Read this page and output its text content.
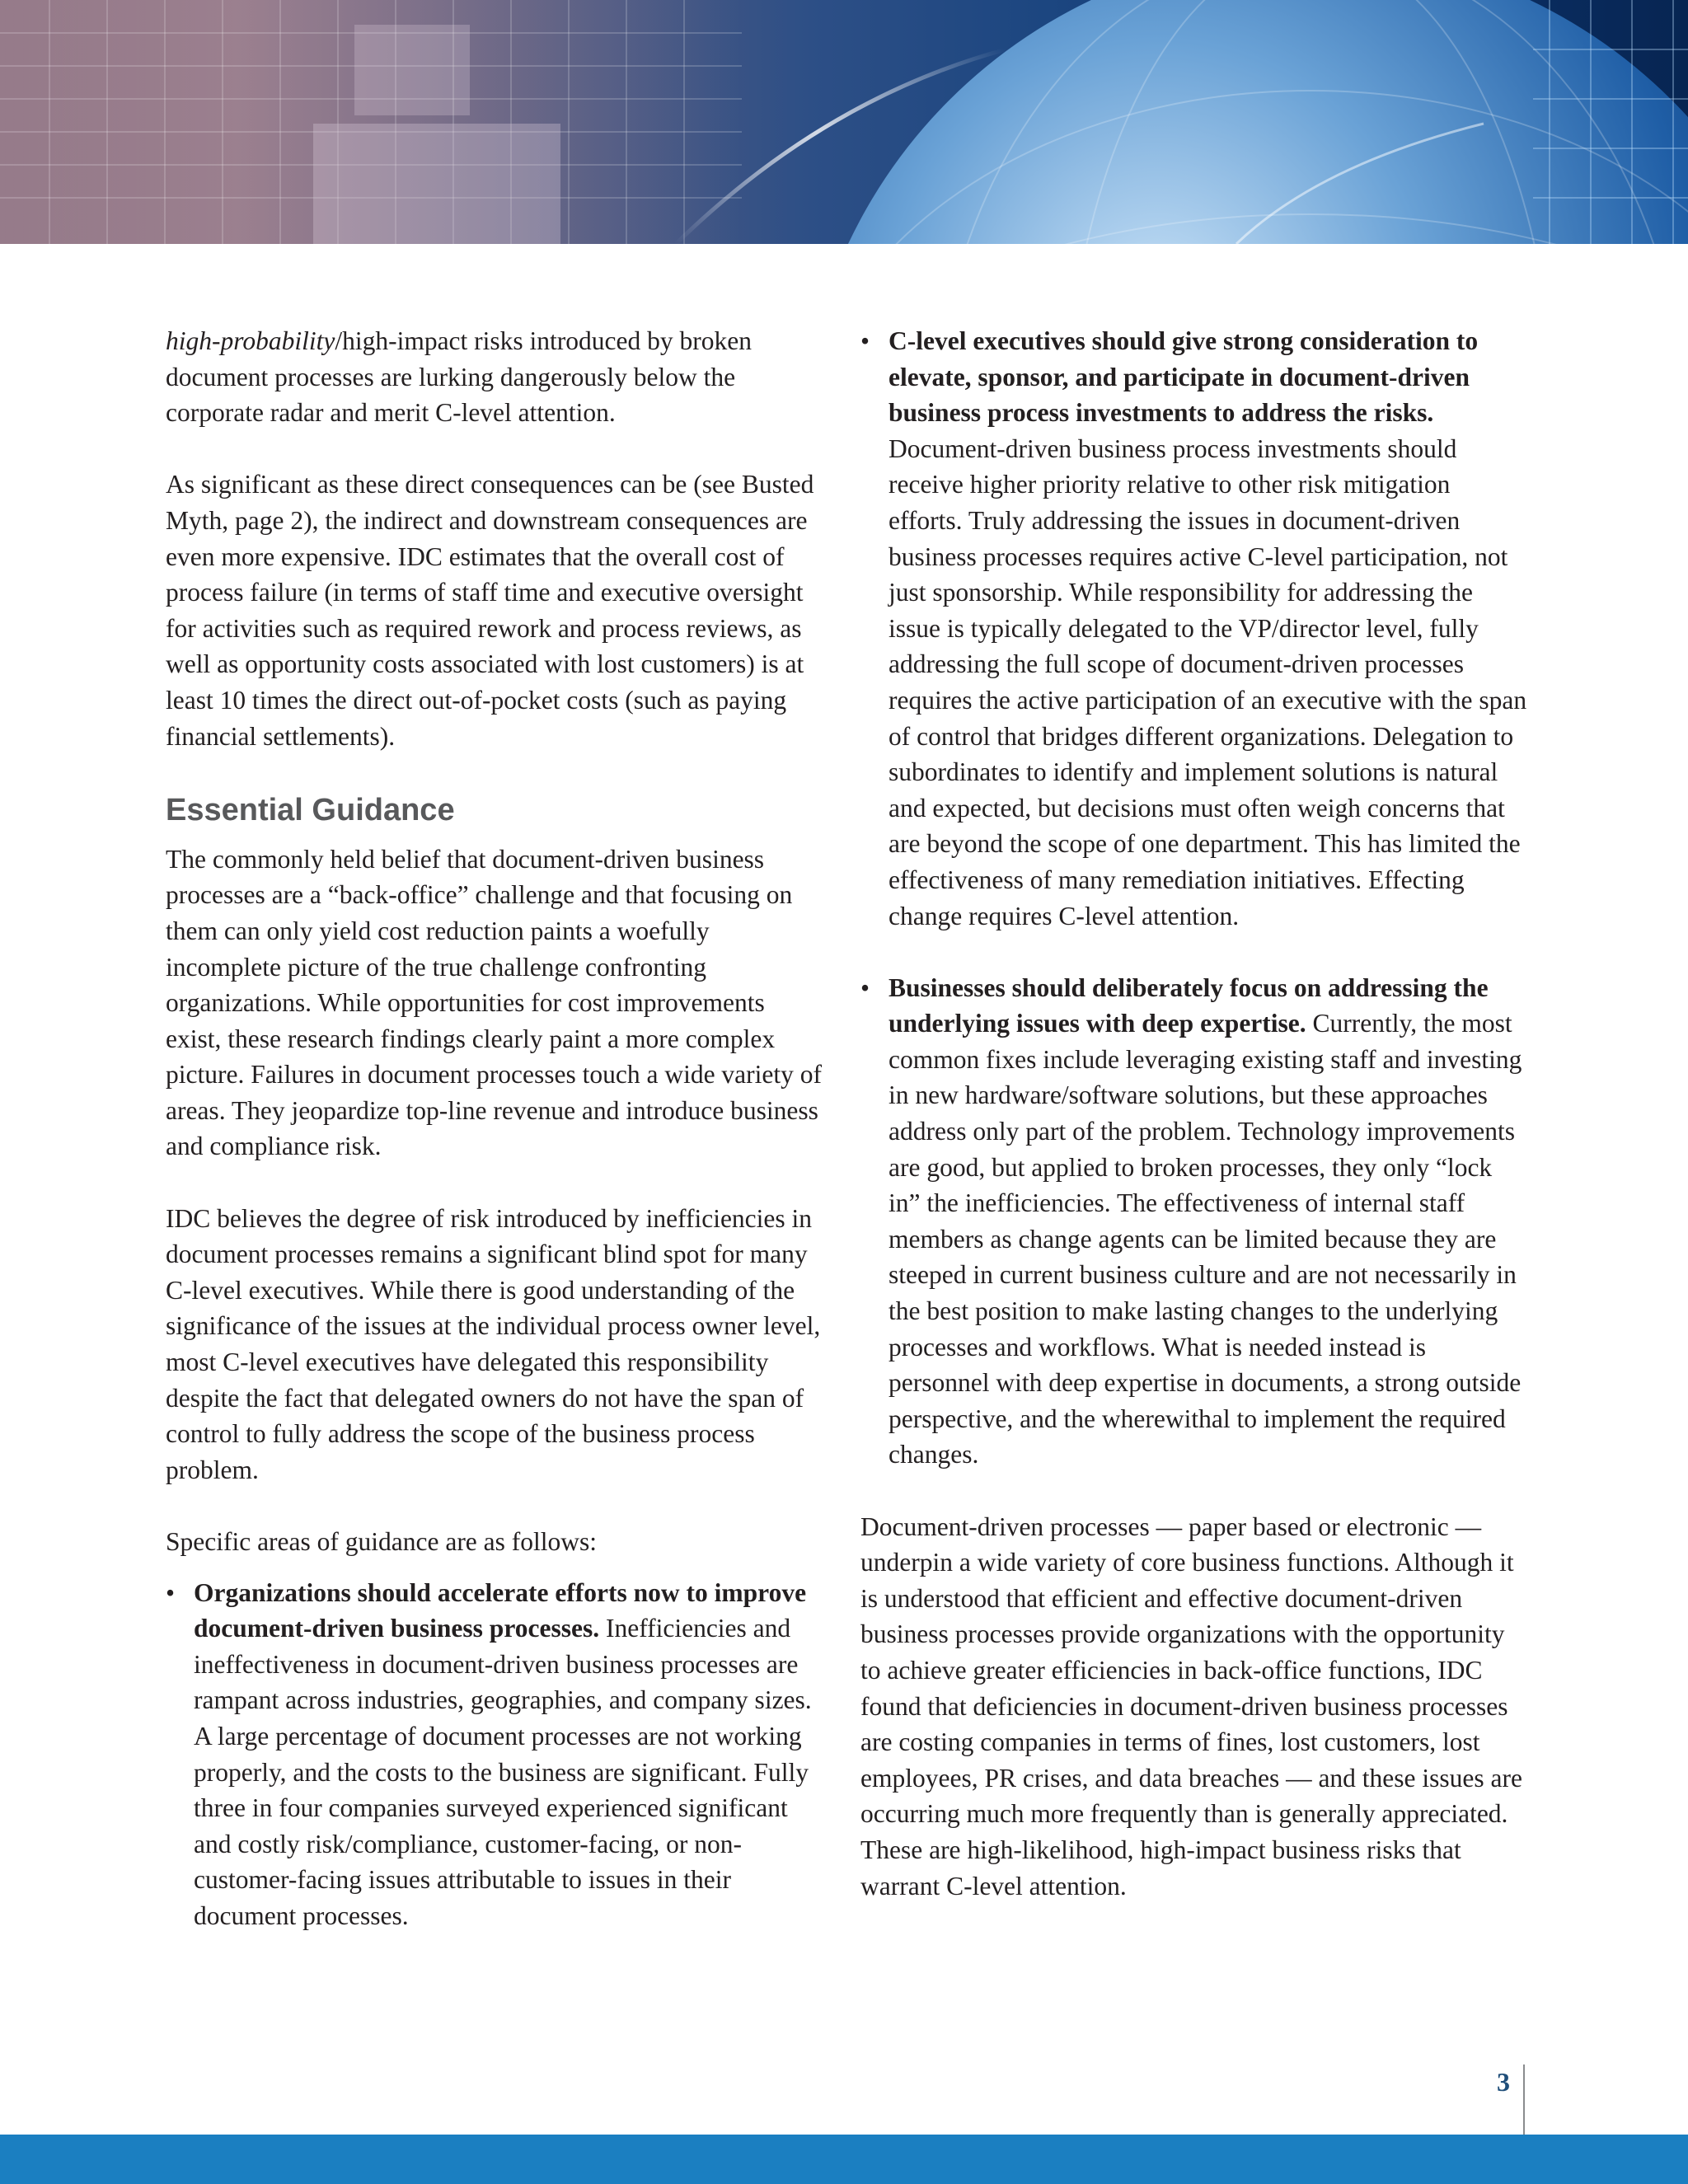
high-probability/high-impact risks introduced by broken document processes are lurking dangerously below the corporate radar and merit C-level attention.

As significant as these direct consequences can be (see Busted Myth, page 2), the indirect and downstream consequences are even more expensive. IDC estimates that the overall cost of process failure (in terms of staff time and executive oversight for activities such as required rework and process reviews, as well as opportunity costs associated with lost customers) is at least 10 times the direct out-of-pocket costs (such as paying financial settlements).

Essential Guidance

The commonly held belief that document-driven business processes are a “back-office” challenge and that focusing on them can only yield cost reduction paints a woefully incomplete picture of the true challenge confronting organizations. While opportunities for cost improvements exist, these research findings clearly paint a more complex picture. Failures in document processes touch a wide variety of areas. They jeopardize top-line revenue and introduce business and compliance risk.

IDC believes the degree of risk introduced by inefficiencies in document processes remains a significant blind spot for many C-level executives. While there is good understanding of the significance of the issues at the individual process owner level, most C-level executives have delegated this responsibility despite the fact that delegated owners do not have the span of control to fully address the scope of the business process problem.

Specific areas of guidance are as follows:

• Organizations should accelerate efforts now to improve document-driven business processes. Inefficiencies and ineffectiveness in document-driven business processes are rampant across industries, geographies, and company sizes. A large percentage of document processes are not working properly, and the costs to the business are significant. Fully three in four companies surveyed experienced significant and costly risk/compliance, customer-facing, or non-customer-facing issues attributable to issues in their document processes.
• C-level executives should give strong consideration to elevate, sponsor, and participate in document-driven business process investments to address the risks. Document-driven business process investments should receive higher priority relative to other risk mitigation efforts. Truly addressing the issues in document-driven business processes requires active C-level participation, not just sponsorship. While responsibility for addressing the issue is typically delegated to the VP/director level, fully addressing the full scope of document-driven processes requires the active participation of an executive with the span of control that bridges different organizations. Delegation to subordinates to identify and implement solutions is natural and expected, but decisions must often weigh concerns that are beyond the scope of one department. This has limited the effectiveness of many remediation initiatives. Effecting change requires C-level attention.
• Businesses should deliberately focus on addressing the underlying issues with deep expertise. Currently, the most common fixes include leveraging existing staff and investing in new hardware/software solutions, but these approaches address only part of the problem. Technology improvements are good, but applied to broken processes, they only “lock in” the inefficiencies. The effectiveness of internal staff members as change agents can be limited because they are steeped in current business culture and are not necessarily in the best position to make lasting changes to the underlying processes and workflows. What is needed instead is personnel with deep expertise in documents, a strong outside perspective, and the wherewithal to implement the required changes.

Document-driven processes — paper based or electronic — underpin a wide variety of core business functions. Although it is understood that efficient and effective document-driven business processes provide organizations with the opportunity to achieve greater efficiencies in back-office functions, IDC found that deficiencies in document-driven business processes are costing companies in terms of fines, lost customers, lost employees, PR crises, and data breaches — and these issues are occurring much more frequently than is generally appreciated. These are high-likelihood, high-impact business risks that warrant C-level attention.

3
